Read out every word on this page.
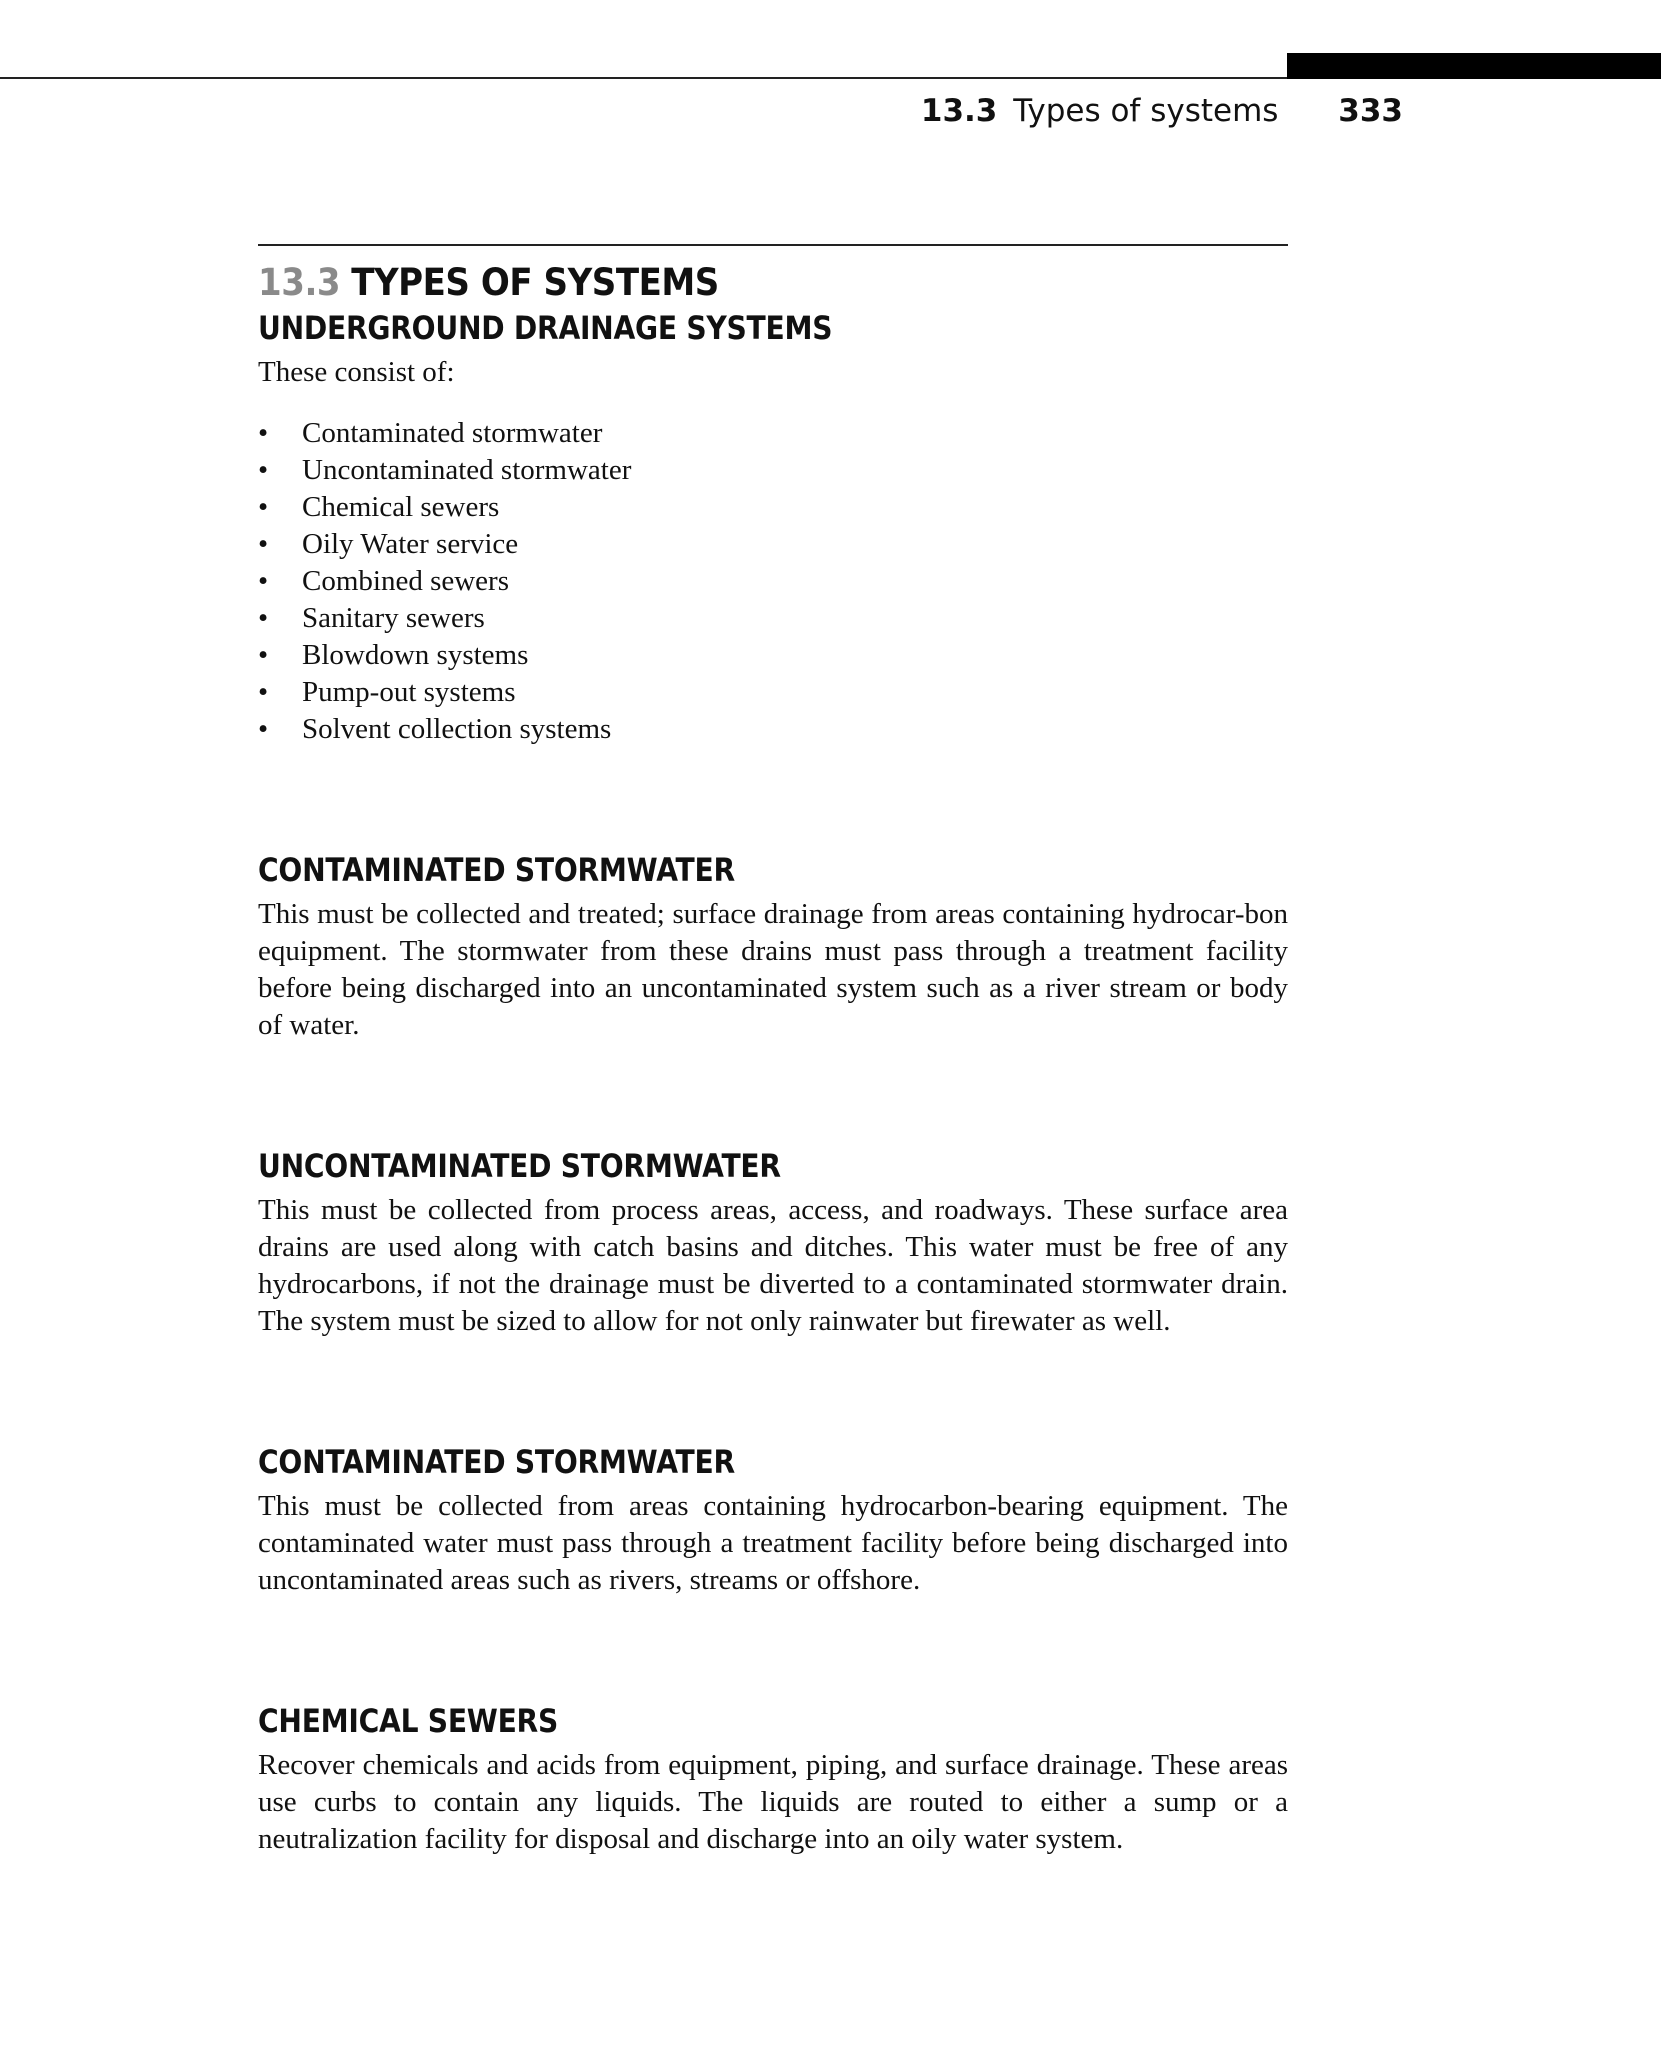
13.3 Types of systems 333
13.3 TYPES OF SYSTEMS
UNDERGROUND DRAINAGE SYSTEMS

These consist of:

• Contaminated stormwater
• Uncontaminated stormwater
• Chemical sewers
• Oily Water service
• Combined sewers
• Sanitary sewers
• Blowdown systems
• Pump-out systems
• Solvent collection systems
CONTAMINATED STORMWATER

This must be collected and treated; surface drainage from areas containing hydrocar-bon equipment. The stormwater from these drains must pass through a treatment facility before being discharged into an uncontaminated system such as a river stream or body of water.

UNCONTAMINATED STORMWATER

This must be collected from process areas, access, and roadways. These surface area drains are used along with catch basins and ditches. This water must be free of any hydrocarbons, if not the drainage must be diverted to a contaminated stormwater drain. The system must be sized to allow for not only rainwater but firewater as well.

CONTAMINATED STORMWATER

This must be collected from areas containing hydrocarbon-bearing equipment. The contaminated water must pass through a treatment facility before being discharged into uncontaminated areas such as rivers, streams or offshore.

CHEMICAL SEWERS

Recover chemicals and acids from equipment, piping, and surface drainage. These areas use curbs to contain any liquids. The liquids are routed to either a sump or a neutralization facility for disposal and discharge into an oily water system.
